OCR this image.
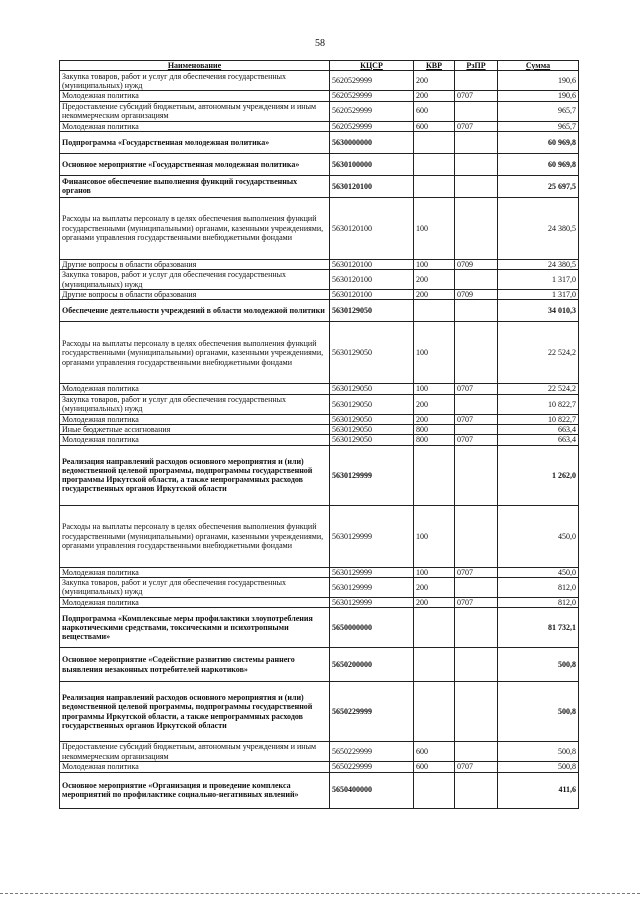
58
Наименование	КЦСР	КВР	РзПР	Сумма
Закупка товаров, работ и услуг для обеспечения государственных (муниципальных) нужд	5620529999	200		190,6
Молодежная политика	5620529999	200	0707	190,6
Предоставление субсидий бюджетным, автономным учреждениям и иным некоммерческим организациям	5620529999	600		965,7
Молодежная политика	5620529999	600	0707	965,7
Подпрограмма «Государственная молодежная политика»	5630000000			60 969,8
Основное мероприятие «Государственная молодежная политика»	5630100000			60 969,8
Финансовое обеспечение выполнения функций государственных органов	5630120100			25 697,5
Расходы на выплаты персоналу в целях обеспечения выполнения функций государственными (муниципальными) органами, казенными учреждениями, органами управления государственными внебюджетными фондами	5630120100	100		24 380,5
Другие вопросы в области образования	5630120100	100	0709	24 380,5
Закупка товаров, работ и услуг для обеспечения государственных (муниципальных) нужд	5630120100	200		1 317,0
Другие вопросы в области образования	5630120100	200	0709	1 317,0
Обеспечение деятельности учреждений в области молодежной политики	5630129050			34 010,3
Расходы на выплаты персоналу в целях обеспечения выполнения функций государственными (муниципальными) органами, казенными учреждениями, органами управления государственными внебюджетными фондами	5630129050	100		22 524,2
Молодежная политика	5630129050	100	0707	22 524,2
Закупка товаров, работ и услуг для обеспечения государственных (муниципальных) нужд	5630129050	200		10 822,7
Молодежная политика	5630129050	200	0707	10 822,7
Иные бюджетные ассигнования	5630129050	800		663,4
Молодежная политика	5630129050	800	0707	663,4
Реализация направлений расходов основного мероприятия и (или) ведомственной целевой программы, подпрограммы государственной программы Иркутской области, а также непрограммных расходов государственных органов Иркутской области	5630129999			1 262,0
Расходы на выплаты персоналу в целях обеспечения выполнения функций государственными (муниципальными) органами, казенными учреждениями, органами управления государственными внебюджетными фондами	5630129999	100		450,0
Молодежная политика	5630129999	100	0707	450,0
Закупка товаров, работ и услуг для обеспечения государственных (муниципальных) нужд	5630129999	200		812,0
Молодежная политика	5630129999	200	0707	812,0
Подпрограмма «Комплексные меры профилактики злоупотребления наркотическими средствами, токсическими и психотропными веществами»	5650000000			81 732,1
Основное мероприятие «Содействие развитию системы раннего выявления незаконных потребителей наркотиков»	5650200000			500,8
Реализация направлений расходов основного мероприятия и (или) ведомственной целевой программы, подпрограммы государственной программы Иркутской области, а также непрограммных расходов государственных органов Иркутской области	5650229999			500,8
Предоставление субсидий бюджетным, автономным учреждениям и иным некоммерческим организациям	5650229999	600		500,8
Молодежная политика	5650229999	600	0707	500,8
Основное мероприятие «Организация и проведение комплекса мероприятий по профилактике социально-негативных явлений»	5650400000			411,6
